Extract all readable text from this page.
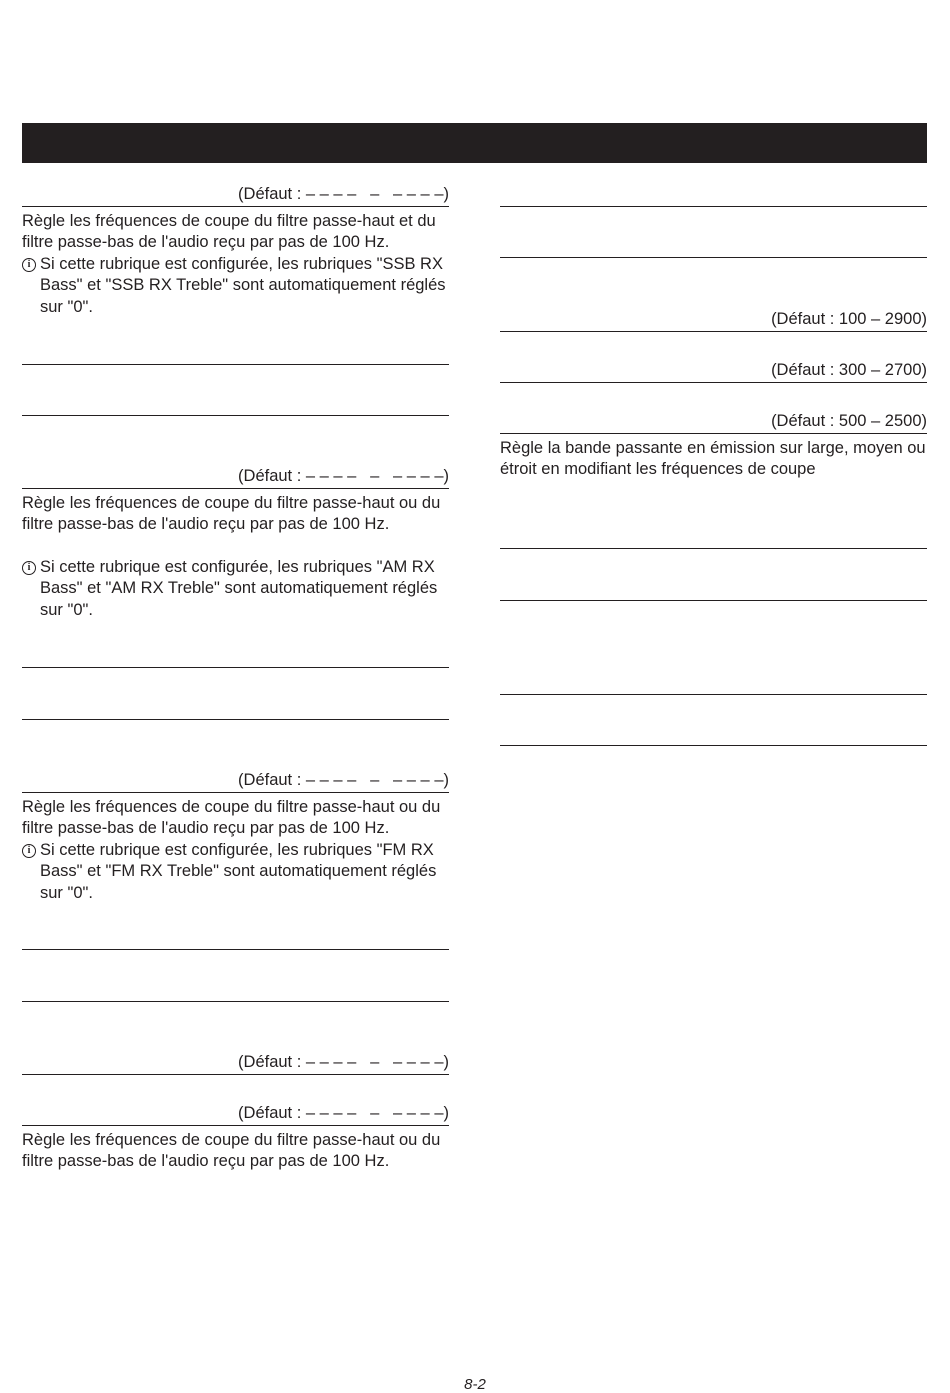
(Défaut : – – – –   –   – – – –)
Règle les fréquences de coupe du filtre passe-haut et du filtre passe-bas de l'audio reçu par pas de 100 Hz.
i Si cette rubrique est configurée, les rubriques "SSB RX Bass" et "SSB RX Treble" sont automatiquement réglés sur "0".
(Défaut : – – – –   –   – – – –)
Règle les fréquences de coupe du filtre passe-haut ou du filtre passe-bas de l'audio reçu par pas de 100 Hz.
i Si cette rubrique est configurée, les rubriques "AM RX Bass" et "AM RX Treble" sont automatiquement réglés sur "0".
(Défaut : – – – –   –   – – – –)
Règle les fréquences de coupe du filtre passe-haut ou du filtre passe-bas de l'audio reçu par pas de 100 Hz.
i Si cette rubrique est configurée, les rubriques "FM RX Bass" et "FM RX Treble" sont automatiquement réglés sur "0".
(Défaut : – – – –   –   – – – –)
(Défaut : – – – –   –   – – – –)
Règle les fréquences de coupe du filtre passe-haut ou du filtre passe-bas de l'audio reçu par pas de 100 Hz.
(Défaut : 100 – 2900)
(Défaut : 300 – 2700)
(Défaut : 500 – 2500)
Règle la bande passante en émission sur large, moyen ou étroit en modifiant les fréquences de coupe
8-2
